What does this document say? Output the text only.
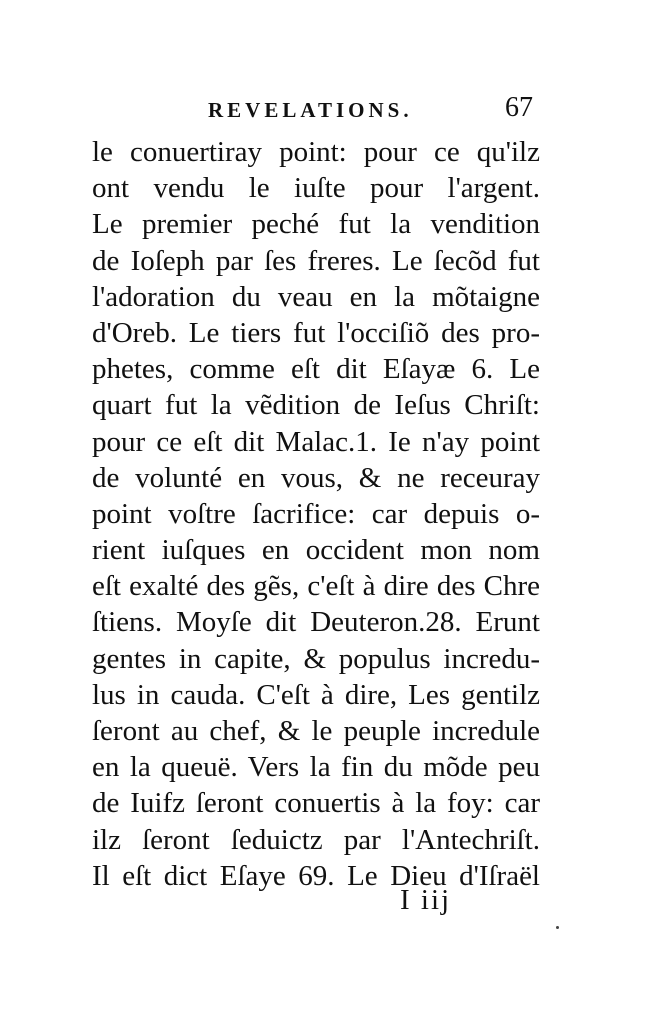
REVELATIONS.	67
le conuertiray point: pour ce qu'ilz
ont vendu le iuſte pour l'argent.
Le premier peché fut la vendition
de Ioſeph par ſes freres. Le ſecõd fut
l'adoration du veau en la mõtaigne
d'Oreb. Le tiers fut l'occiſiõ des pro-
phetes, comme eſt dit Eſayæ 6. Le
quart fut la vẽdition de Ieſus Chriſt:
pour ce eſt dit Malac.1. Ie n'ay point
de volunté en vous, & ne receuray
point voſtre ſacrifice: car depuis o-
rient iuſques en occident mon nom
eſt exalté des gẽs, c'eſt à dire des Chre
ſtiens. Moyſe dit Deuteron.28. Erunt
gentes in capite, & populus incredu-
lus in cauda. C'eſt à dire, Les gentilz
ſeront au chef, & le peuple incredule
en la queuë. Vers la fin du mõde peu
de Iuifz ſeront conuertis à la foy: car
ilz ſeront ſeduictz par l'Antechriſt.
Il eſt dict Eſaye 69. Le Dieu d'Iſraël
I iij
